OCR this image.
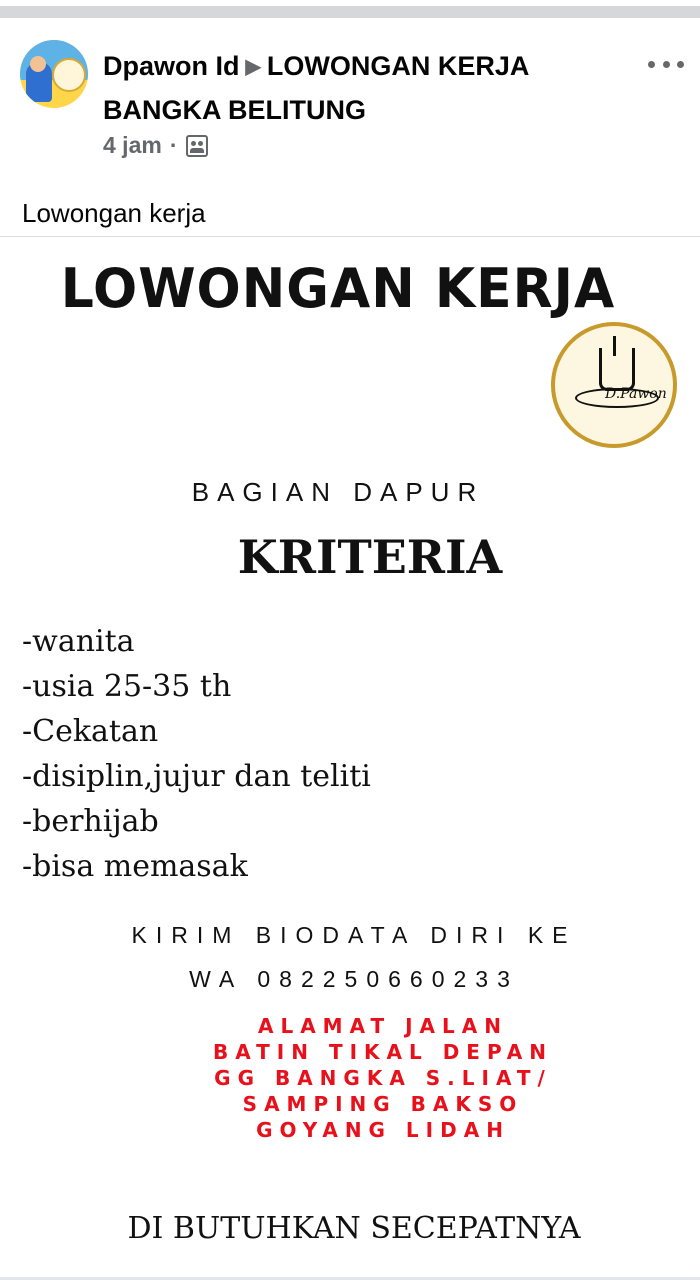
Dpawon Id ▶ LOWONGAN KERJA BANGKA BELITUNG
4 jam ·
Lowongan kerja
LOWONGAN KERJA
D.Pawon
BAGIAN DAPUR
KRITERIA
-wanita
-usia 25-35 th
-Cekatan
-disiplin,jujur dan teliti
-berhijab
-bisa memasak
KIRIM BIODATA DIRI KE
WA 082250660233
ALAMAT JALAN
BATIN TIKAL DEPAN
GG BANGKA S.LIAT/
SAMPING BAKSO
GOYANG LIDAH
DI BUTUHKAN SECEPATNYA
